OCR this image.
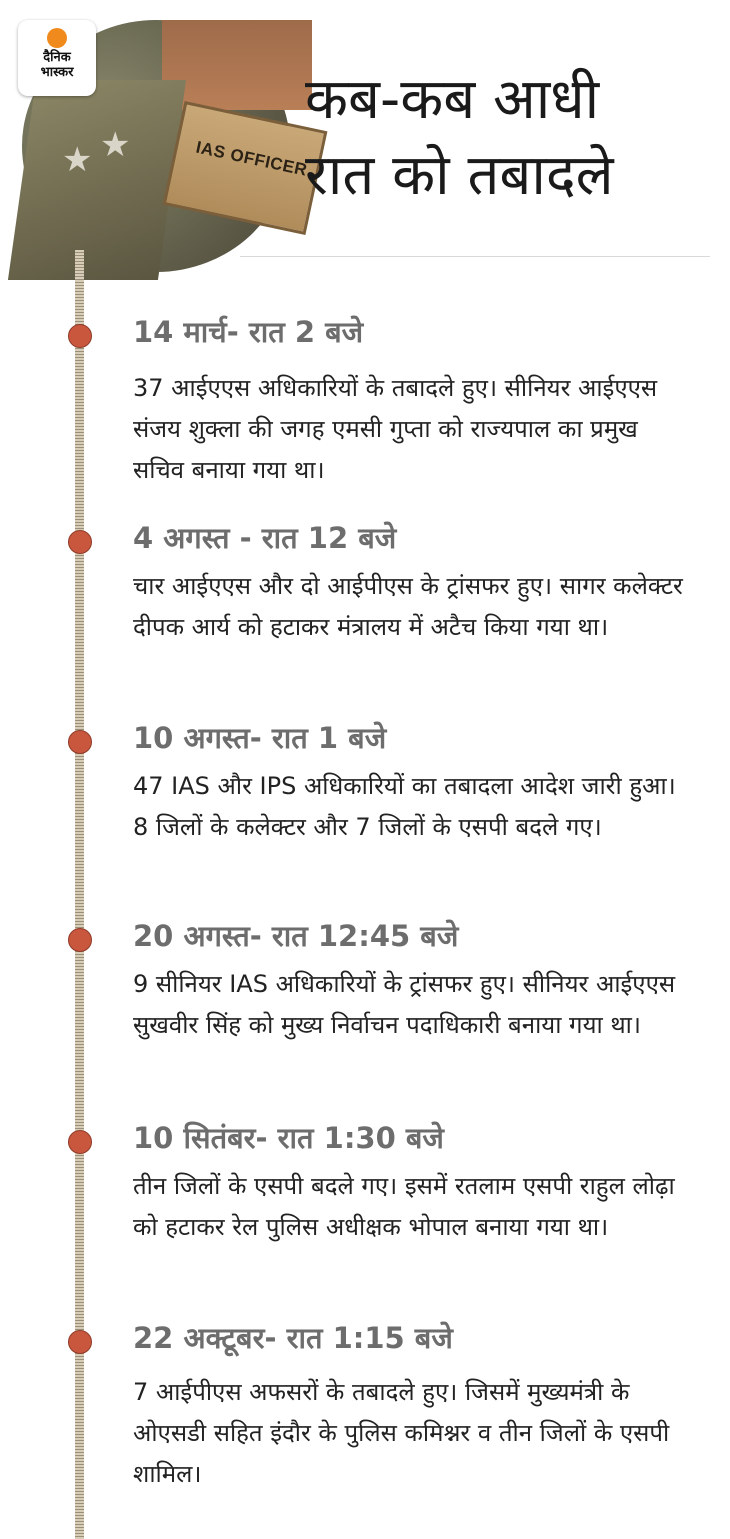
★ ★	IAS OFFICER
दैनिक
भास्कर	कब-कब आधी
रात को तबादले
14 मार्च- रात 2 बजे

37 आईएएस अधिकारियों के तबादले हुए। सीनियर आईएएस संजय शुक्ला की जगह एमसी गुप्ता को राज्यपाल का प्रमुख सचिव बनाया गया था।

4 अगस्त - रात 12 बजे

चार आईएएस और दो आईपीएस के ट्रांसफर हुए। सागर कलेक्टर दीपक आर्य को हटाकर मंत्रालय में अटैच किया गया था।

10 अगस्त- रात 1 बजे

47 IAS और IPS अधिकारियों का तबादला आदेश जारी हुआ। 8 जिलों के कलेक्टर और 7 जिलों के एसपी बदले गए।

20 अगस्त- रात 12:45 बजे

9 सीनियर IAS अधिकारियों के ट्रांसफर हुए। सीनियर आईएएस सुखवीर सिंह को मुख्य निर्वाचन पदाधिकारी बनाया गया था।

10 सितंबर- रात 1:30 बजे

तीन जिलों के एसपी बदले गए। इसमें रतलाम एसपी राहुल लोढ़ा को हटाकर रेल पुलिस अधीक्षक भोपाल बनाया गया था।

22 अक्टूबर- रात 1:15 बजे

7 आईपीएस अफसरों के तबादले हुए। जिसमें मुख्यमंत्री के ओएसडी सहित इंदौर के पुलिस कमिश्नर व तीन जिलों के एसपी शामिल।
